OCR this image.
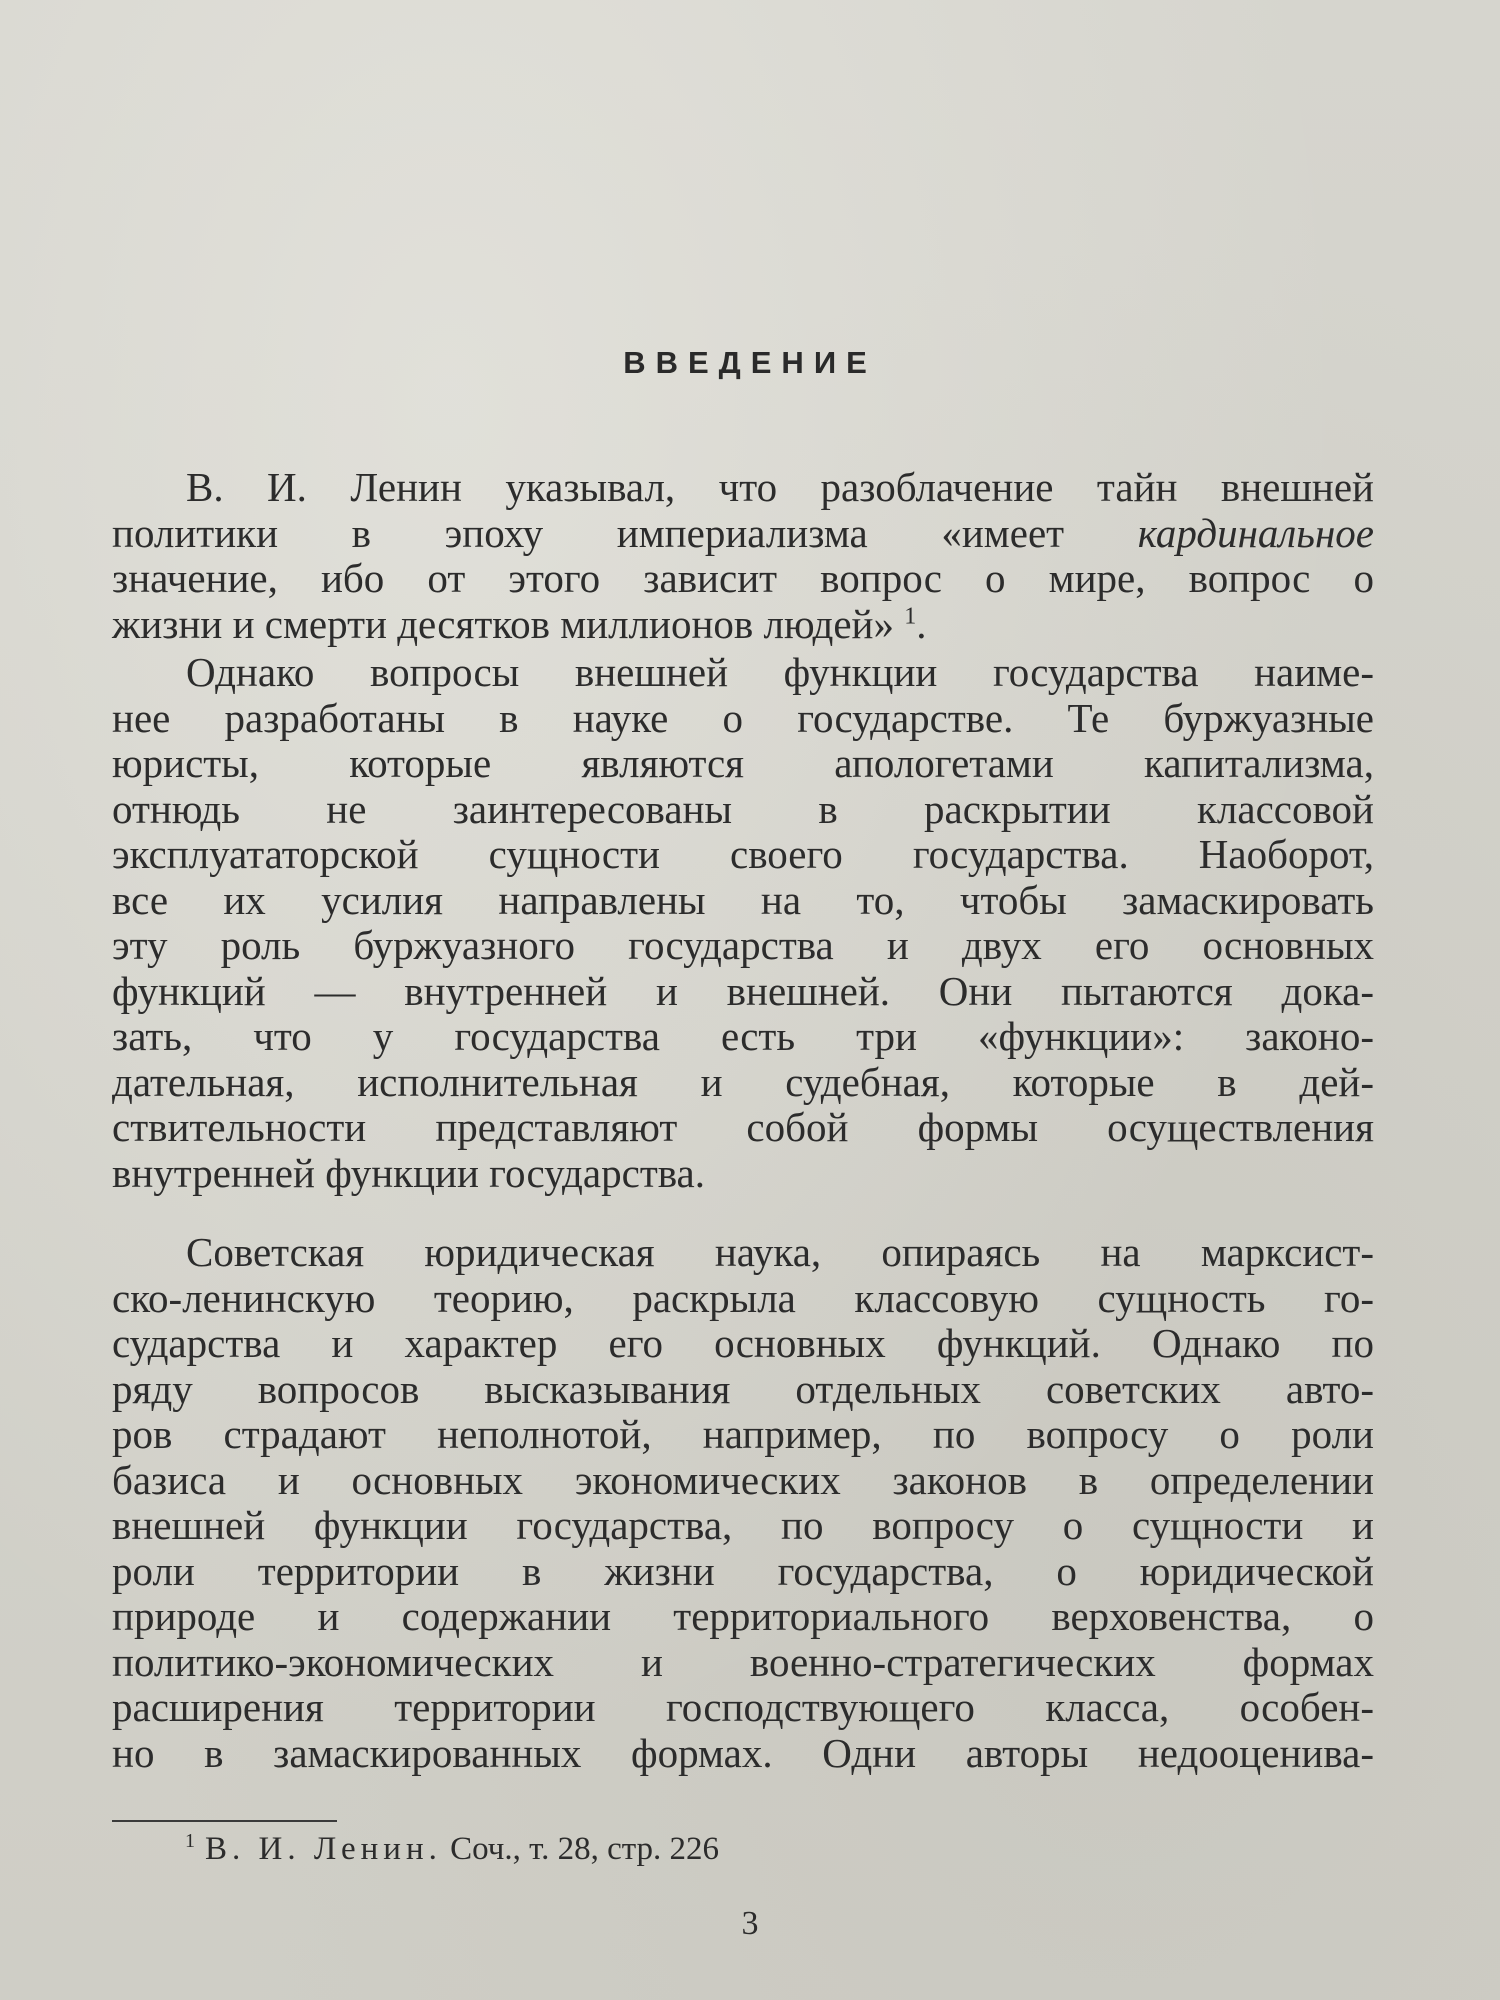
ВВЕДЕНИЕ
В. И. Ленин указывал, что разоблачение тайн внешней
политики в эпоху империализма «имеет кардинальное
значение, ибо от этого зависит вопрос о мире, вопрос о
жизни и смерти десятков миллионов людей» $^1$.
Однако вопросы внешней функции государства наиме-
нее разработаны в науке о государстве. Те буржуазные
юристы, которые являются апологетами капитализма,
отнюдь не заинтересованы в раскрытии классовой
эксплуататорской сущности своего государства. Наоборот,
все их усилия направлены на то, чтобы замаскировать
эту роль буржуазного государства и двух его основных
функций — внутренней и внешней. Они пытаются дока-
зать, что у государства есть три «функции»: законо-
дательная, исполнительная и судебная, которые в дей-
ствительности представляют собой формы осуществления
внутренней функции государства.
Советская юридическая наука, опираясь на марксист-
ско-ленинскую теорию, раскрыла классовую сущность го-
сударства и характер его основных функций. Однако по
ряду вопросов высказывания отдельных советских авто-
ров страдают неполнотой, например, по вопросу о роли
базиса и основных экономических законов в определении
внешней функции государства, по вопросу о сущности и
роли территории в жизни государства, о юридической
природе и содержании территориального верховенства, о
политико-экономических и военно-стратегических формах
расширения территории господствующего класса, особен-
но в замаскированных формах. Одни авторы недооценива-
$^1$ В. И. Ленин. Соч., т. 28, стр. 226
3
